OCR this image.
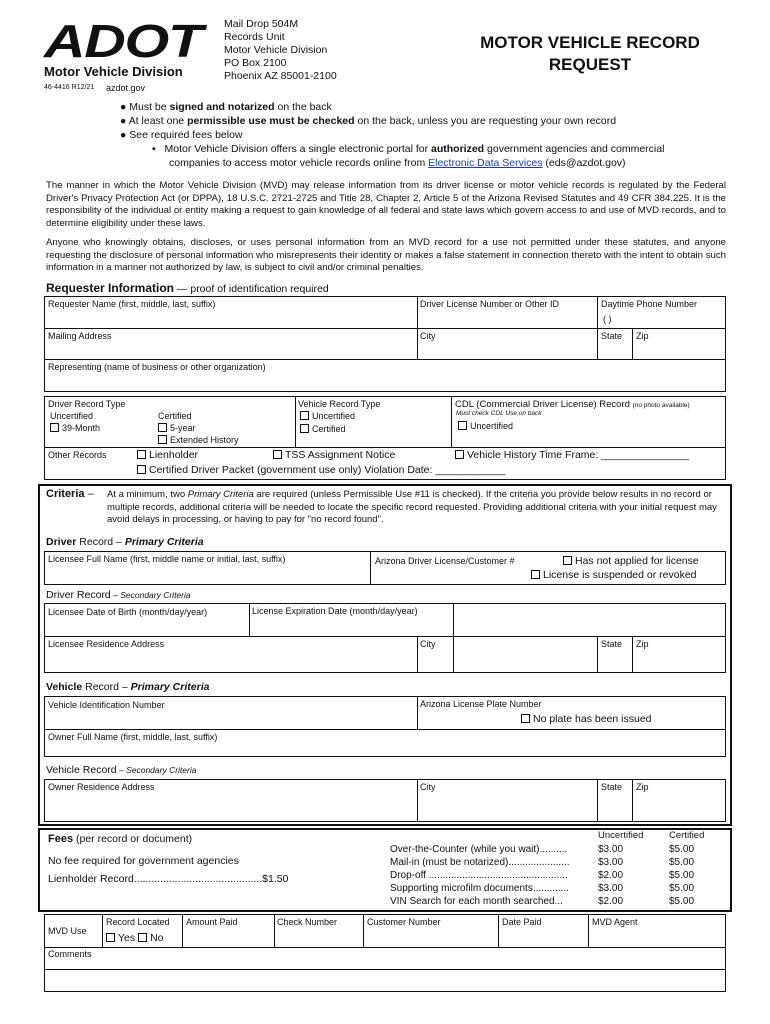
ADOT
Motor Vehicle Division
46-4416 R12/21 azdot.gov
Mail Drop 504M
Records Unit
Motor Vehicle Division
PO Box 2100
Phoenix AZ 85001-2100
MOTOR VEHICLE RECORD
REQUEST
● Must be signed and notarized on the back
● At least one permissible use must be checked on the back, unless you are requesting your own record
● See required fees below
▪   Motor Vehicle Division offers a single electronic portal for authorized government agencies and commercial
companies to access motor vehicle records online from Electronic Data Services (eds@azdot.gov)
The manner in which the Motor Vehicle Division (MVD) may release information from its driver license or motor vehicle records is regulated by the Federal Driver's Privacy Protection Act (or DPPA), 18 U.S.C. 2721-2725 and Title 28, Chapter 2, Article 5 of the Arizona Revised Statutes and 49 CFR 384.225. It is the responsibility of the individual or entity making a request to gain knowledge of all federal and state laws which govern access to and use of MVD records, and to determine eligibility under these laws.
Anyone who knowingly obtains, discloses, or uses personal information from an MVD record for a use not permitted under these statutes, and anyone requesting the disclosure of personal information who misrepresents their identity or makes a false statement in connection thereto with the intent to obtain such information in a manner not authorized by law, is subject to civil and/or criminal penalties.
Requester Information — proof of identification required
Requester Name (first, middle, last, suffix)	Driver License Number or Other ID	Daytime Phone Number
( )
Mailing Address	City	State Zip
Representing (name of business or other organization)
Driver Record Type
Uncertified
39-Month
Certified
5-year
Extended History
Vehicle Record Type
Uncertified
Certified
CDL (Commercial Driver License) Record (no photo available)
Must check CDL Use on back
Uncertified
Other Records	Lienholder	TSS Assignment Notice	Vehicle History Time Frame: _______________
Certified Driver Packet (government use only) Violation Date: ____________
Criteria – At a minimum, two Primary Criteria are required (unless Permissible Use #11 is checked). If the criteria you provide below results in no record or multiple records, additional criteria will be needed to locate the specific record requested. Providing additional criteria with your initial request may avoid delays in processing, or having to pay for "no record found".
Driver Record – Primary Criteria
Licensee Full Name (first, middle name or initial, last, suffix)	Arizona Driver License/Customer #	Has not applied for license
License is suspended or revoked
Driver Record – Secondary Criteria
Licensee Date of Birth (month/day/year)	License Expiration Date (month/day/year)
Licensee Residence Address	City	State Zip
Vehicle Record – Primary Criteria
Vehicle Identification Number	Arizona License Plate Number
No plate has been issued
Owner Full Name (first, middle, last, suffix)
Vehicle Record – Secondary Criteria
Owner Residence Address	City	State Zip
Fees (per record or document)
No fee required for government agencies
Lienholder Record............................................$1.50
Uncertified	Certified
Over-the-Counter (while you wait)..........	$3.00	$5.00
Mail-in (must be notarized)......................	$3.00	$5.00
Drop-off ..................................................	$2.00	$5.00
Supporting microfilm documents.............	$3.00	$5.00
VIN Search for each month searched...	$2.00	$5.00
MVD Use
Record Located
Yes No
Amount Paid	Check Number	Customer Number	Date Paid	MVD Agent
Comments
